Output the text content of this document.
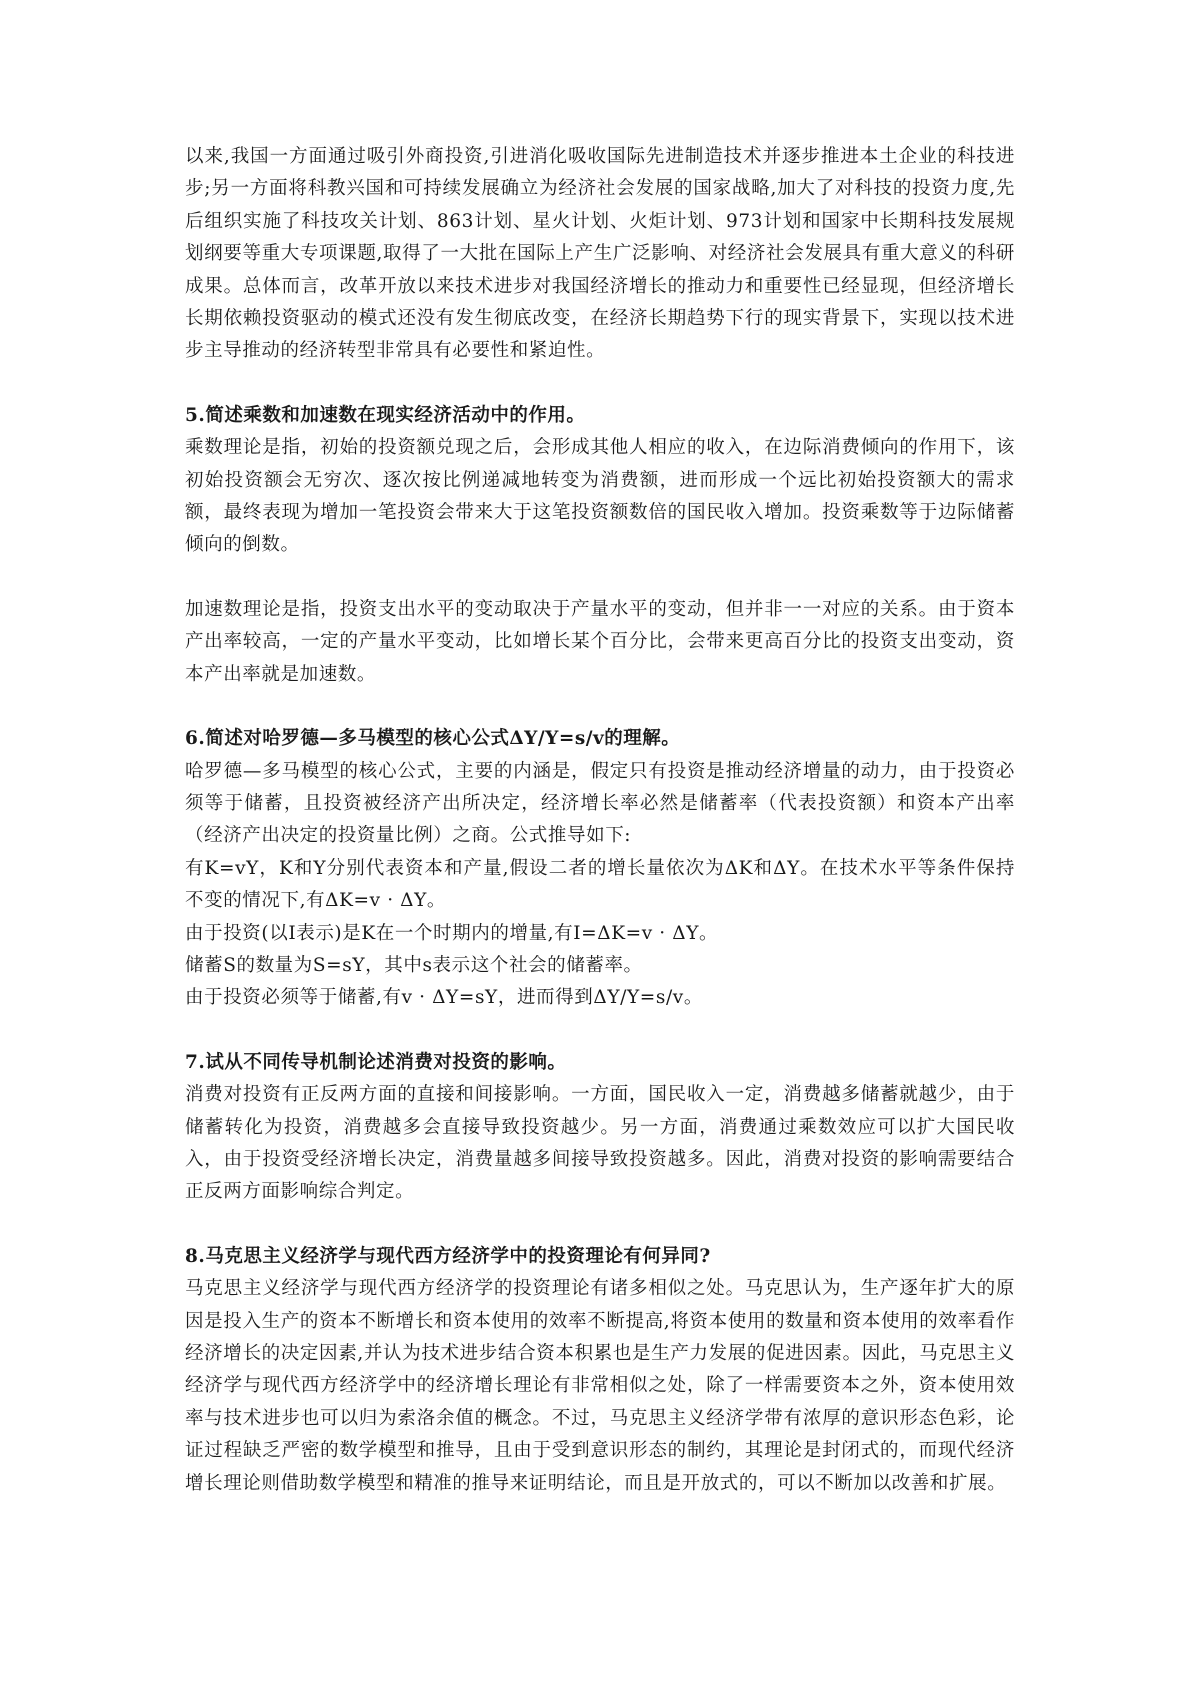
以来,我国一方面通过吸引外商投资,引进消化吸收国际先进制造技术并逐步推进本土企业的科技进步;另一方面将科教兴国和可持续发展确立为经济社会发展的国家战略,加大了对科技的投资力度,先后组织实施了科技攻关计划、863计划、星火计划、火炬计划、973计划和国家中长期科技发展规划纲要等重大专项课题,取得了一大批在国际上产生广泛影响、对经济社会发展具有重大意义的科研成果。总体而言，改革开放以来技术进步对我国经济增长的推动力和重要性已经显现，但经济增长长期依赖投资驱动的模式还没有发生彻底改变，在经济长期趋势下行的现实背景下，实现以技术进步主导推动的经济转型非常具有必要性和紧迫性。

5.简述乘数和加速数在现实经济活动中的作用。

乘数理论是指，初始的投资额兑现之后，会形成其他人相应的收入，在边际消费倾向的作用下，该初始投资额会无穷次、逐次按比例递减地转变为消费额，进而形成一个远比初始投资额大的需求额，最终表现为增加一笔投资会带来大于这笔投资额数倍的国民收入增加。投资乘数等于边际储蓄倾向的倒数。

加速数理论是指，投资支出水平的变动取决于产量水平的变动，但并非一一对应的关系。由于资本产出率较高，一定的产量水平变动，比如增长某个百分比，会带来更高百分比的投资支出变动，资本产出率就是加速数。

6.简述对哈罗德—多马模型的核心公式ΔY/Y=s/v的理解。

哈罗德—多马模型的核心公式，主要的内涵是，假定只有投资是推动经济增量的动力，由于投资必须等于储蓄，且投资被经济产出所决定，经济增长率必然是储蓄率（代表投资额）和资本产出率（经济产出决定的投资量比例）之商。公式推导如下:

有K=vY，K和Y分别代表资本和产量,假设二者的增长量依次为ΔK和ΔY。在技术水平等条件保持不变的情况下,有ΔK=v · ΔY。

由于投资(以I表示)是K在一个时期内的增量,有I=ΔK=v · ΔY。

储蓄S的数量为S=sY，其中s表示这个社会的储蓄率。

由于投资必须等于储蓄,有v · ΔY=sY，进而得到ΔY/Y=s/v。

7.试从不同传导机制论述消费对投资的影响。

消费对投资有正反两方面的直接和间接影响。一方面，国民收入一定，消费越多储蓄就越少，由于储蓄转化为投资，消费越多会直接导致投资越少。另一方面，消费通过乘数效应可以扩大国民收入，由于投资受经济增长决定，消费量越多间接导致投资越多。因此，消费对投资的影响需要结合正反两方面影响综合判定。

8.马克思主义经济学与现代西方经济学中的投资理论有何异同?

马克思主义经济学与现代西方经济学的投资理论有诸多相似之处。马克思认为，生产逐年扩大的原因是投入生产的资本不断增长和资本使用的效率不断提高,将资本使用的数量和资本使用的效率看作经济增长的决定因素,并认为技术进步结合资本积累也是生产力发展的促进因素。因此，马克思主义经济学与现代西方经济学中的经济增长理论有非常相似之处，除了一样需要资本之外，资本使用效率与技术进步也可以归为索洛余值的概念。不过，马克思主义经济学带有浓厚的意识形态色彩，论证过程缺乏严密的数学模型和推导，且由于受到意识形态的制约，其理论是封闭式的，而现代经济增长理论则借助数学模型和精准的推导来证明结论，而且是开放式的，可以不断加以改善和扩展。
